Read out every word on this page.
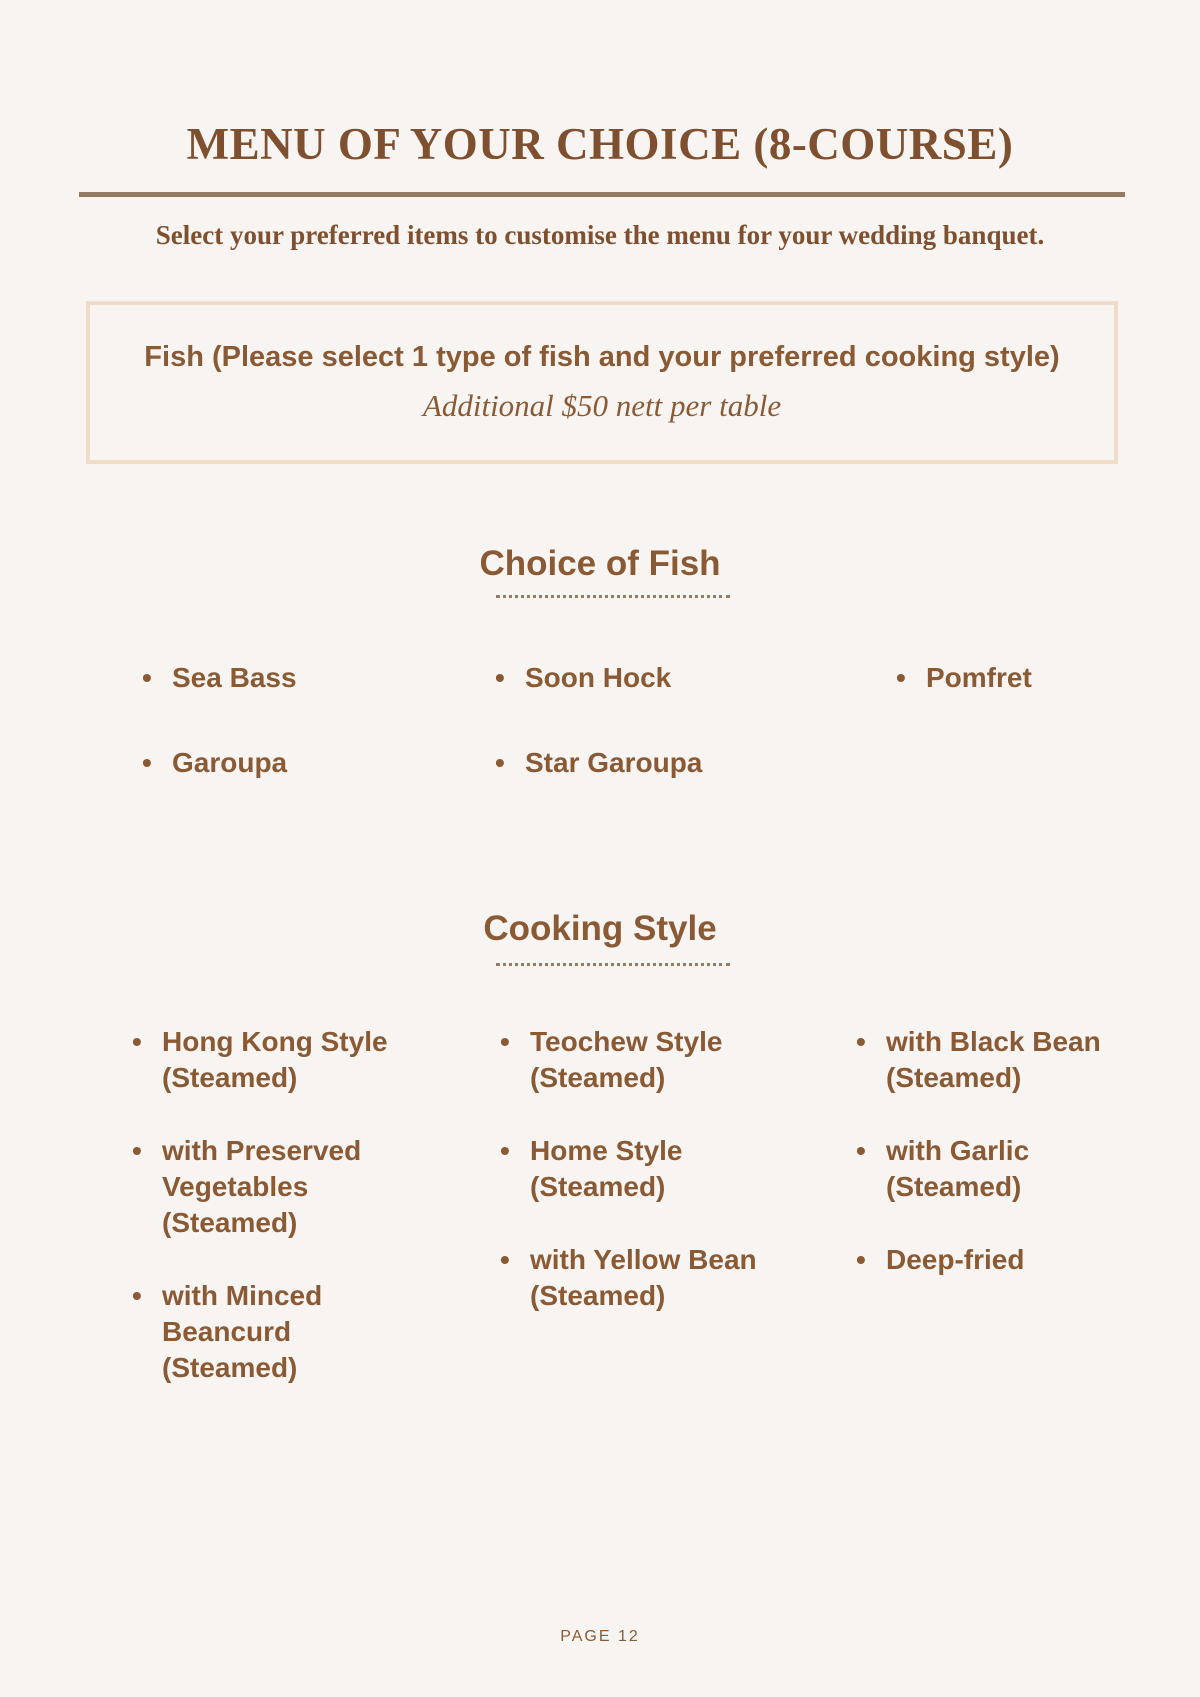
MENU OF YOUR CHOICE (8-COURSE)
Select your preferred items to customise the menu for your wedding banquet.
Fish (Please select 1 type of fish and your preferred cooking style)
Additional $50 nett per table
Choice of Fish
• Sea Bass	• Soon Hock	• Pomfret
• Garoupa	• Star Garoupa
Cooking Style
• Hong Kong Style (Steamed)
• Teochew Style (Steamed)
• with Black Bean (Steamed)
• with Preserved Vegetables (Steamed)
• Home Style (Steamed)
• with Garlic (Steamed)
• with Minced Beancurd (Steamed)
• with Yellow Bean (Steamed)
• Deep-fried
PAGE 12
